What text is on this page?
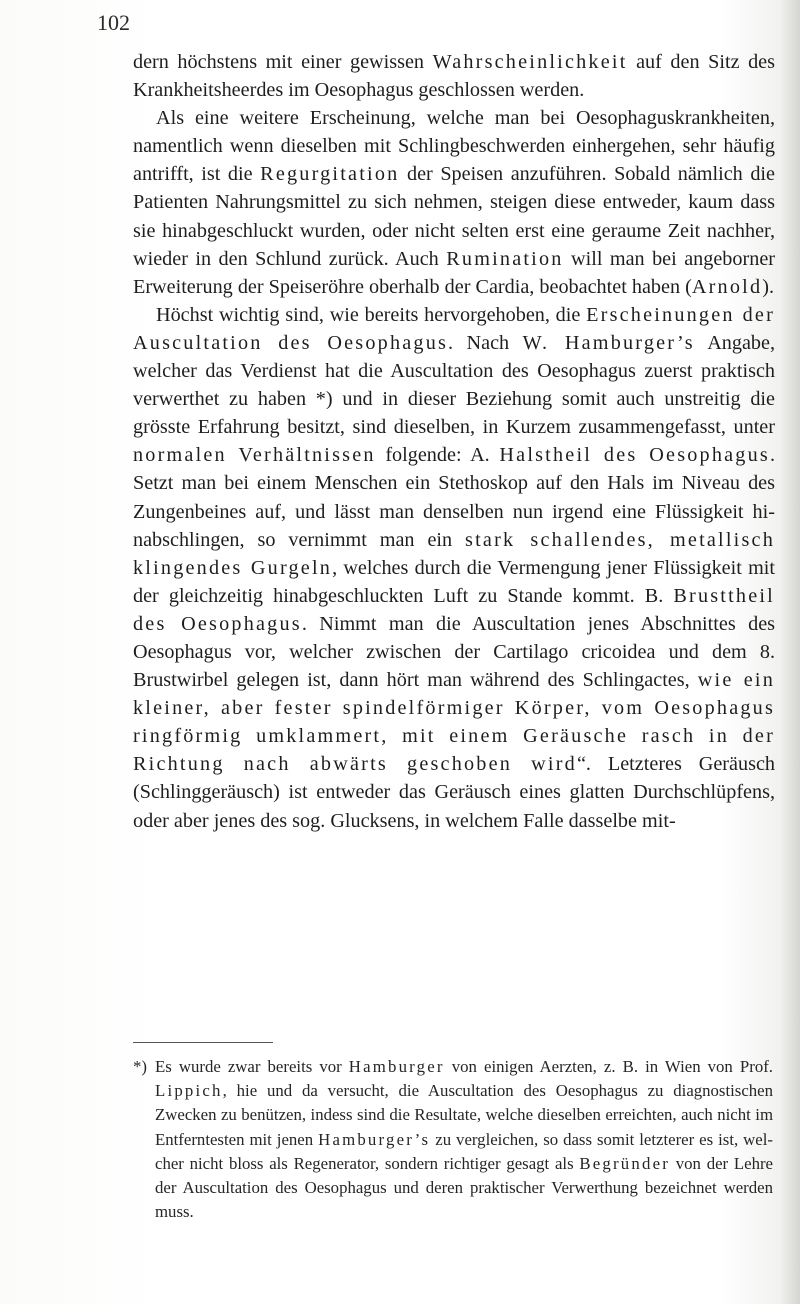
102

dern höchstens mit einer gewissen Wahrscheinlichkeit auf den Sitz des Krankheitsheerdes im Oesophagus geschlossen werden.

Als eine weitere Erscheinung, welche man bei Oesophaguskrankheiten, namentlich wenn dieselben mit Schlingbeschwerden einhergehen, sehr häufig antrifft, ist die Regurgitation der Speisen anzuführen. Sobald nämlich die Patienten Nahrungsmittel zu sich nehmen, steigen diese entweder, kaum dass sie hinabgeschluckt wurden, oder nicht selten erst eine geraume Zeit nachher, wieder in den Schlund zurück. Auch Rumination will man bei angeborner Erweiterung der Speiseröhre oberhalb der Cardia, beobachtet haben (Arnold).

Höchst wichtig sind, wie bereits hervorgehoben, die Erscheinungen der Auscultation des Oesophagus. Nach W. Hamburger’s Angabe, welcher das Verdienst hat die Auscultation des Oesophagus zuerst praktisch verwerthet zu haben *) und in dieser Beziehung somit auch unstreitig die grösste Erfahrung besitzt, sind dieselben, in Kurzem zusammengefasst, unter normalen Verhältnissen folgende: A. Halstheil des Oesophagus. Setzt man bei einem Menschen ein Stethoskop auf den Hals im Niveau des Zungenbeines auf, und lässt man denselben nun irgend eine Flüssigkeit hinabschlingen, so vernimmt man ein stark schallendes, metallisch klingendes Gurgeln, welches durch die Vermengung jener Flüssigkeit mit der gleichzeitig hinabgeschluckten Luft zu Stande kommt. B. Brusttheil des Oesophagus. Nimmt man die Auscultation jenes Abschnittes des Oesophagus vor, welcher zwischen der Cartilago cricoidea und dem 8. Brustwirbel gelegen ist, dann hört man während des Schlingactes, wie ein kleiner, aber fester spindelförmiger Körper, vom Oesophagus ringförmig umklammert, mit einem Geräusche rasch in der Richtung nach abwärts geschoben wird“. Letzteres Geräusch (Schlinggeräusch) ist entweder das Geräusch eines glatten Durchschlüpfens, oder aber jenes des sog. Glucksens, in welchem Falle dasselbe mit-

*) Es wurde zwar bereits vor Hamburger von einigen Aerzten, z. B. in Wien von Prof. Lippich, hie und da versucht, die Auscultation des Oesophagus zu diagnostischen Zwecken zu benützen, indess sind die Resultate, welche dieselben erreichten, auch nicht im Entferntesten mit jenen Hamburger’s zu vergleichen, so dass somit letzterer es ist, welcher nicht bloss als Regenerator, sondern richtiger gesagt als Begründer von der Lehre der Auscultation des Oesophagus und deren praktischer Verwerthung bezeichnet werden muss.
